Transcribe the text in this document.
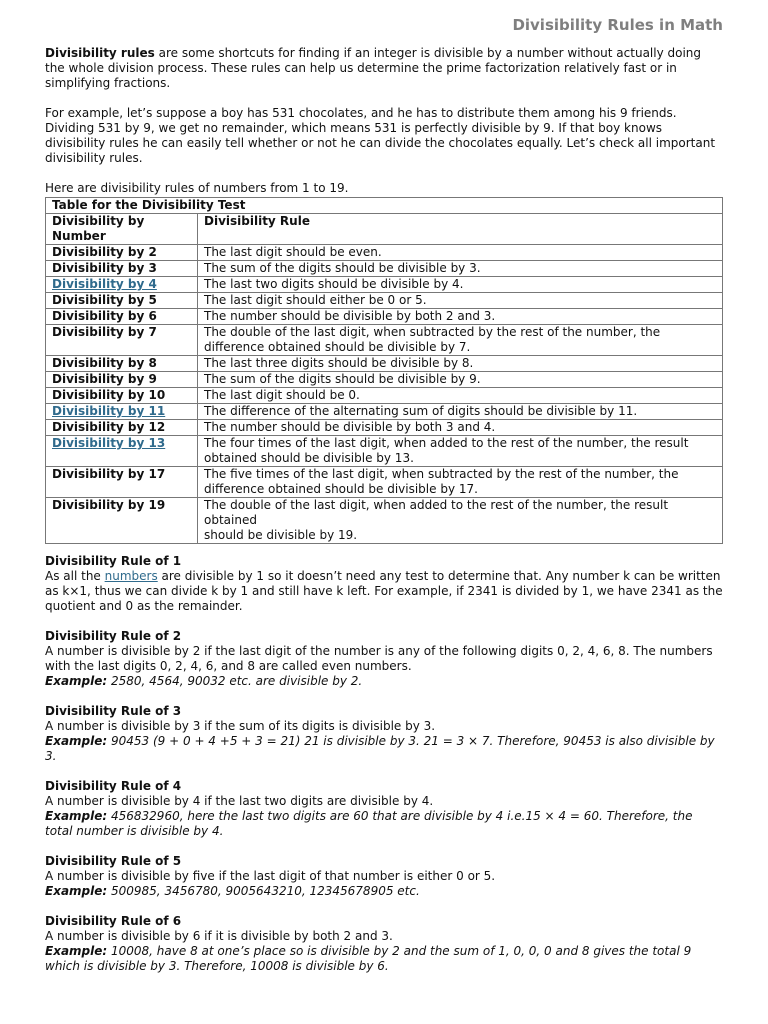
Divisibility Rules in Math

Divisibility rules are some shortcuts for finding if an integer is divisible by a number without actually doing the whole division process. These rules can help us determine the prime factorization relatively fast or in simplifying fractions.

For example, let’s suppose a boy has 531 chocolates, and he has to distribute them among his 9 friends. Dividing 531 by 9, we get no remainder, which means 531 is perfectly divisible by 9. If that boy knows divisibility rules he can easily tell whether or not he can divide the chocolates equally. Let’s check all important divisibility rules.

Here are divisibility rules of numbers from 1 to 19.

Table for the Divisibility Test	
Divisibility by Number	Divisibility Rule
Divisibility by 2	The last digit should be even.
Divisibility by 3	The sum of the digits should be divisible by 3.
Divisibility by 4	The last two digits should be divisible by 4.
Divisibility by 5	The last digit should either be 0 or 5.
Divisibility by 6	The number should be divisible by both 2 and 3.
Divisibility by 7	The double of the last digit, when subtracted by the rest of the number, the difference obtained should be divisible by 7.
Divisibility by 8	The last three digits should be divisible by 8.
Divisibility by 9	The sum of the digits should be divisible by 9.
Divisibility by 10	The last digit should be 0.
Divisibility by 11	The difference of the alternating sum of digits should be divisible by 11.
Divisibility by 12	The number should be divisible by both 3 and 4.
Divisibility by 13	The four times of the last digit, when added to the rest of the number, the result obtained should be divisible by 13.
Divisibility by 17	The five times of the last digit, when subtracted by the rest of the number, the difference obtained should be divisible by 17.
Divisibility by 19	The double of the last digit, when added to the rest of the number, the result obtained
should be divisible by 19.

Divisibility Rule of 1

As all the numbers are divisible by 1 so it doesn’t need any test to determine that. Any number k can be written as k×1, thus we can divide k by 1 and still have k left. For example, if 2341 is divided by 1, we have 2341 as the quotient and 0 as the remainder.

Divisibility Rule of 2

A number is divisible by 2 if the last digit of the number is any of the following digits 0, 2, 4, 6, 8. The numbers with the last digits 0, 2, 4, 6, and 8 are called even numbers.

Example: 2580, 4564, 90032 etc. are divisible by 2.

Divisibility Rule of 3

A number is divisible by 3 if the sum of its digits is divisible by 3.

Example: 90453 (9 + 0 + 4 +5 + 3 = 21) 21 is divisible by 3. 21 = 3 × 7. Therefore, 90453 is also divisible by 3.

Divisibility Rule of 4

A number is divisible by 4 if the last two digits are divisible by 4.

Example: 456832960, here the last two digits are 60 that are divisible by 4 i.e.15 × 4 = 60. Therefore, the total number is divisible by 4.

Divisibility Rule of 5

A number is divisible by five if the last digit of that number is either 0 or 5.

Example: 500985, 3456780, 9005643210, 12345678905 etc.

Divisibility Rule of 6

A number is divisible by 6 if it is divisible by both 2 and 3.

Example: 10008, have 8 at one’s place so is divisible by 2 and the sum of 1, 0, 0, 0 and 8 gives the total 9 which is divisible by 3. Therefore, 10008 is divisible by 6.
